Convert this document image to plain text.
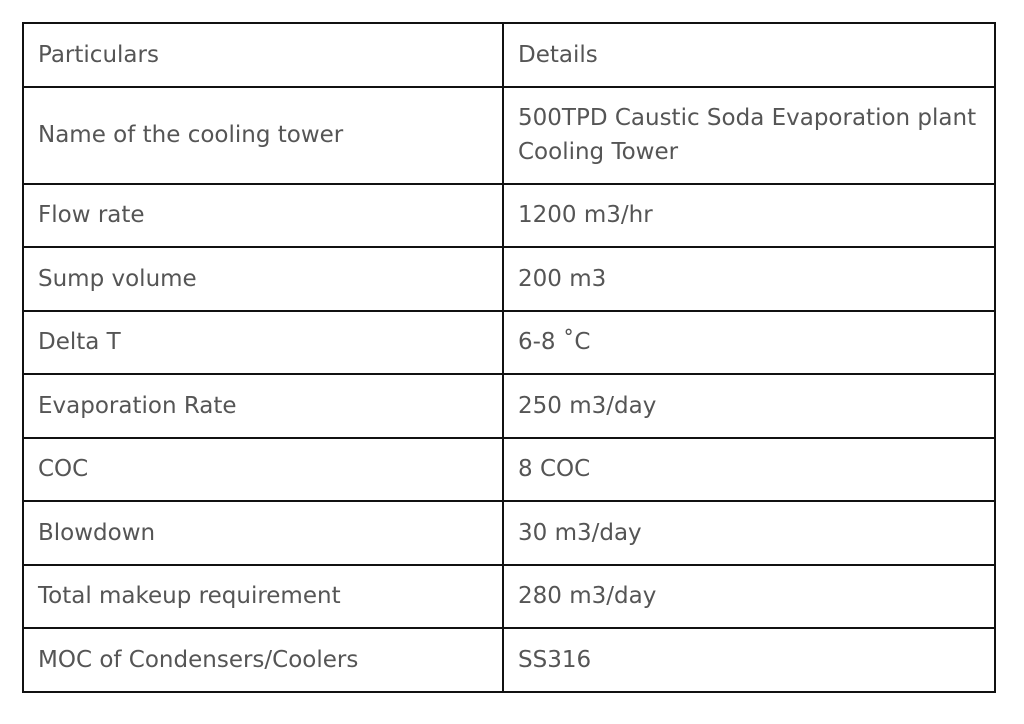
Particulars	Details
Name of the cooling tower	500TPD Caustic Soda Evaporation plant Cooling Tower
Flow rate	1200 m3/hr
Sump volume	200 m3
Delta T	6-8 ˚C
Evaporation Rate	250 m3/day
COC	8 COC
Blowdown	30 m3/day
Total makeup requirement	280 m3/day
MOC of Condensers/Coolers	SS316
